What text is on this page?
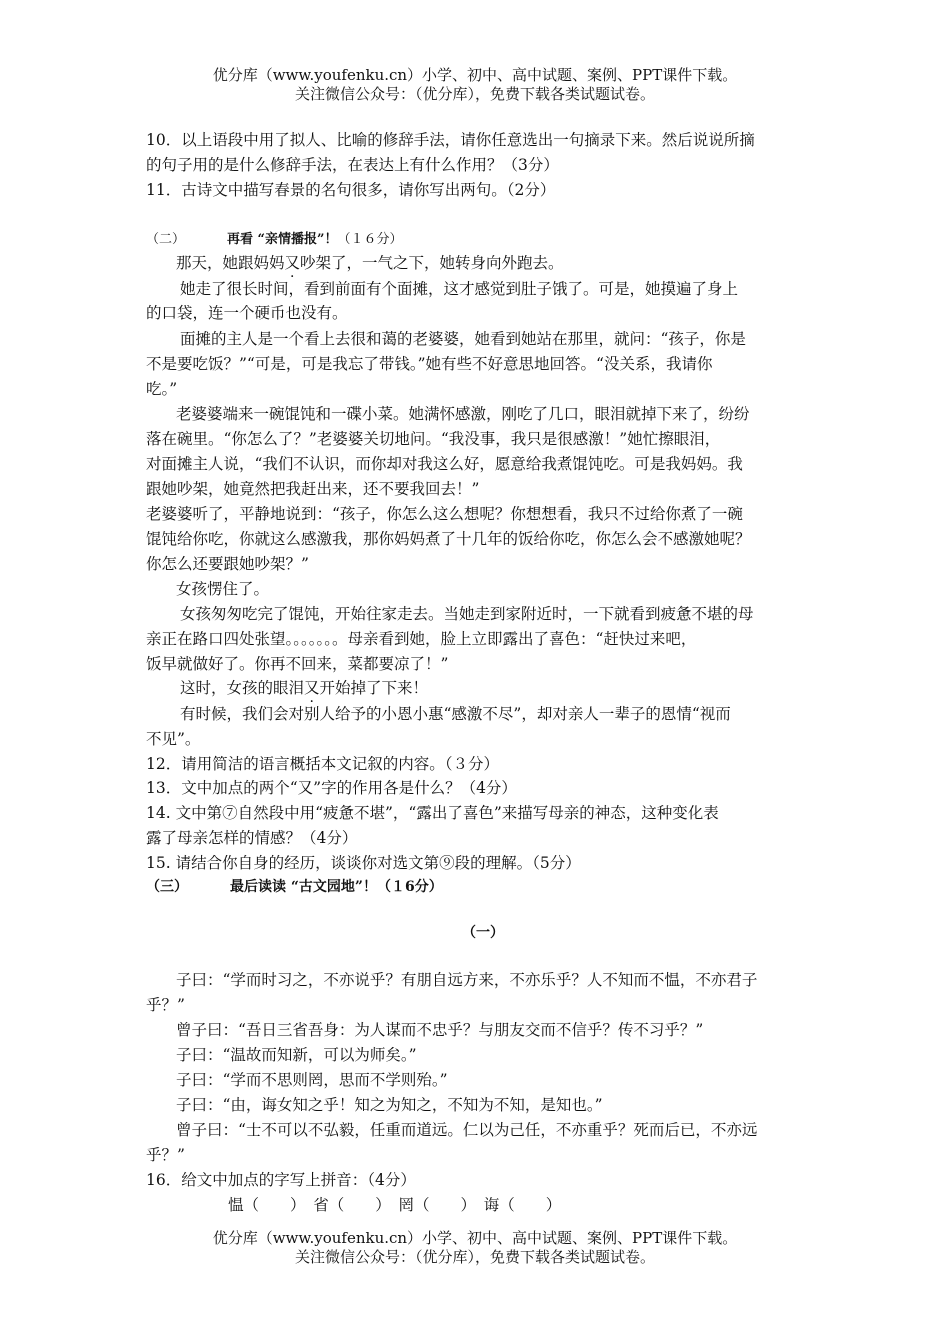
优分库（www.youfenku.cn）小学、初中、高中试题、案例、PPT课件下载。
关注微信公众号：（优分库），免费下载各类试题试卷。
10．以上语段中用了拟人、比喻的修辞手法，请你任意选出一句摘录下来。然后说说所摘
的句子用的是什么修辞手法，在表达上有什么作用？（3分）
11．古诗文中描写春景的名句很多，请你写出两句。（2分）
（二）	再看 “亲情播报”！（１６分）
那天，她跟妈妈又吵架了，一气之下，她转身向外跑去。
她走了很长时间，看到前面有个面摊，这才感觉到肚子饿了。可是，她摸遍了身上
的口袋，连一个硬币也没有。
面摊的主人是一个看上去很和蔼的老婆婆，她看到她站在那里，就问：“孩子，你是
不是要吃饭？”“可是，可是我忘了带钱。”她有些不好意思地回答。“没关系，我请你
吃。”
老婆婆端来一碗馄饨和一碟小菜。她满怀感激，刚吃了几口，眼泪就掉下来了，纷纷
落在碗里。“你怎么了？”老婆婆关切地问。“我没事，我只是很感激！”她忙擦眼泪，
对面摊主人说，“我们不认识，而你却对我这么好，愿意给我煮馄饨吃。可是我妈妈。我
跟她吵架，她竟然把我赶出来，还不要我回去！”
老婆婆听了，平静地说到：“孩子，你怎么这么想呢？你想想看，我只不过给你煮了一碗
馄饨给你吃，你就这么感激我，那你妈妈煮了十几年的饭给你吃，你怎么会不感激她呢？
你怎么还要跟她吵架？”
女孩愣住了。
女孩匆匆吃完了馄饨，开始往家走去。当她走到家附近时，一下就看到疲惫不堪的母
亲正在路口四处张望。。。。。。。母亲看到她，脸上立即露出了喜色：“赶快过来吧，
饭早就做好了。你再不回来，菜都要凉了！”
这时，女孩的眼泪又开始掉了下来！
有时候，我们会对别人给予的小恩小惠“感激不尽”，却对亲人一辈子的恩情“视而
不见”。
12．请用简洁的语言概括本文记叙的内容。（３分）
13．文中加点的两个“又”字的作用各是什么？（4分）
14. 文中第⑦自然段中用“疲惫不堪”，“露出了喜色”来描写母亲的神态，这种变化表
露了母亲怎样的情感？（4分）
15. 请结合你自身的经历，谈谈你对选文第⑨段的理解。（5分）
（三）	最后读读 “古文园地”！（１6分）
（一）
子曰：“学而时习之，不亦说乎？有朋自远方来，不亦乐乎？人不知而不愠，不亦君子
乎？”
曾子曰：“吾日三省吾身：为人谋而不忠乎？与朋友交而不信乎？传不习乎？”
子曰：“温故而知新，可以为师矣。”
子曰：“学而不思则罔，思而不学则殆。”
子曰：“由，诲女知之乎！知之为知之，不知为不知，是知也。”
曾子曰：“士不可以不弘毅，任重而道远。仁以为己任，不亦重乎？死而后已，不亦远
乎？”
16．给文中加点的字写上拼音：（4分）
愠（　　）　省（　　）　罔（　　）　诲（　　）
优分库（www.youfenku.cn）小学、初中、高中试题、案例、PPT课件下载。
关注微信公众号：（优分库），免费下载各类试题试卷。
